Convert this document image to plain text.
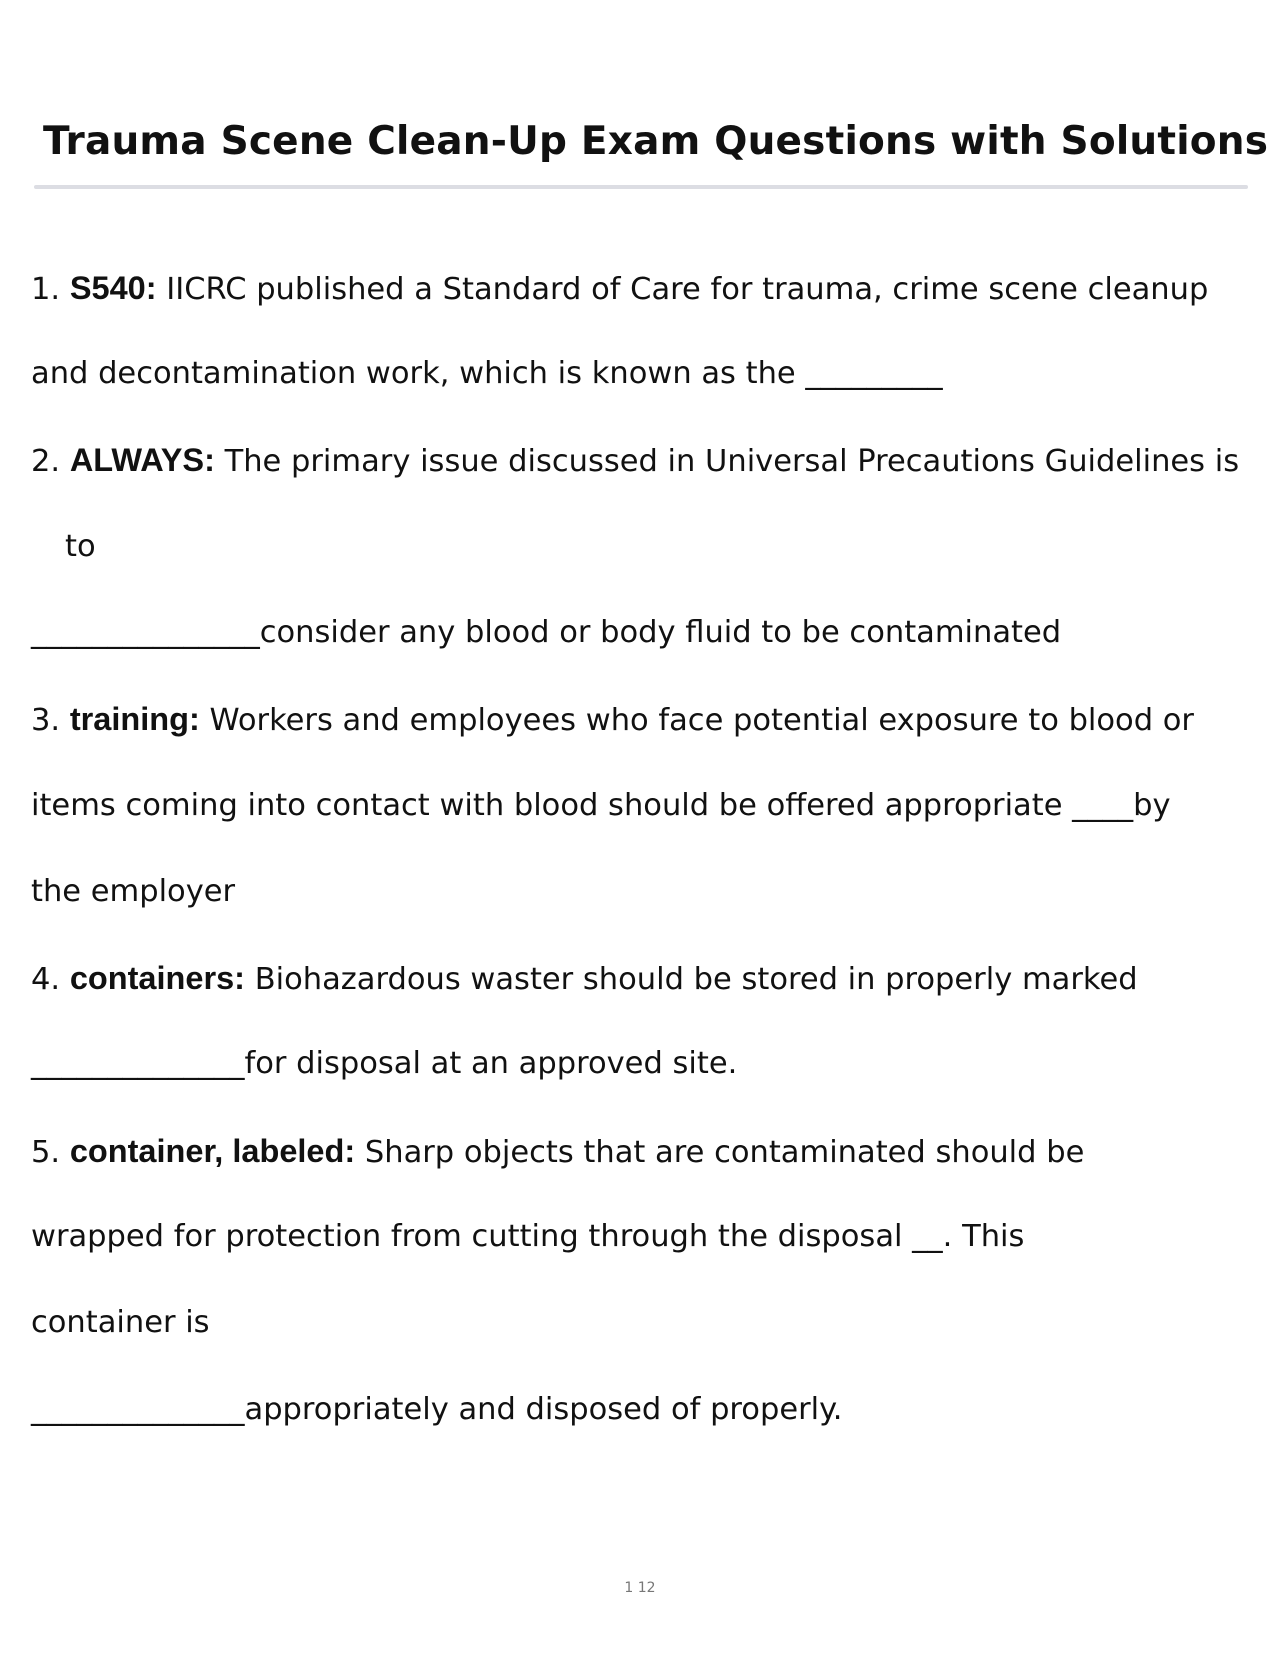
Trauma Scene Clean-Up Exam Questions with Solutions

1. S540: IICRC published a Standard of Care for trauma, crime scene cleanup

and decontamination work, which is known as the _________

2. ALWAYS: The primary issue discussed in Universal Precautions Guidelines is

to

_______________consider any blood or body fluid to be contaminated

3. training: Workers and employees who face potential exposure to blood or

items coming into contact with blood should be offered appropriate ____by

the employer

4. containers: Biohazardous waster should be stored in properly marked

______________for disposal at an approved site.

5. container, labeled: Sharp objects that are contaminated should be

wrapped for protection from cutting through the disposal __. This

container is

______________appropriately and disposed of properly.

1 12
